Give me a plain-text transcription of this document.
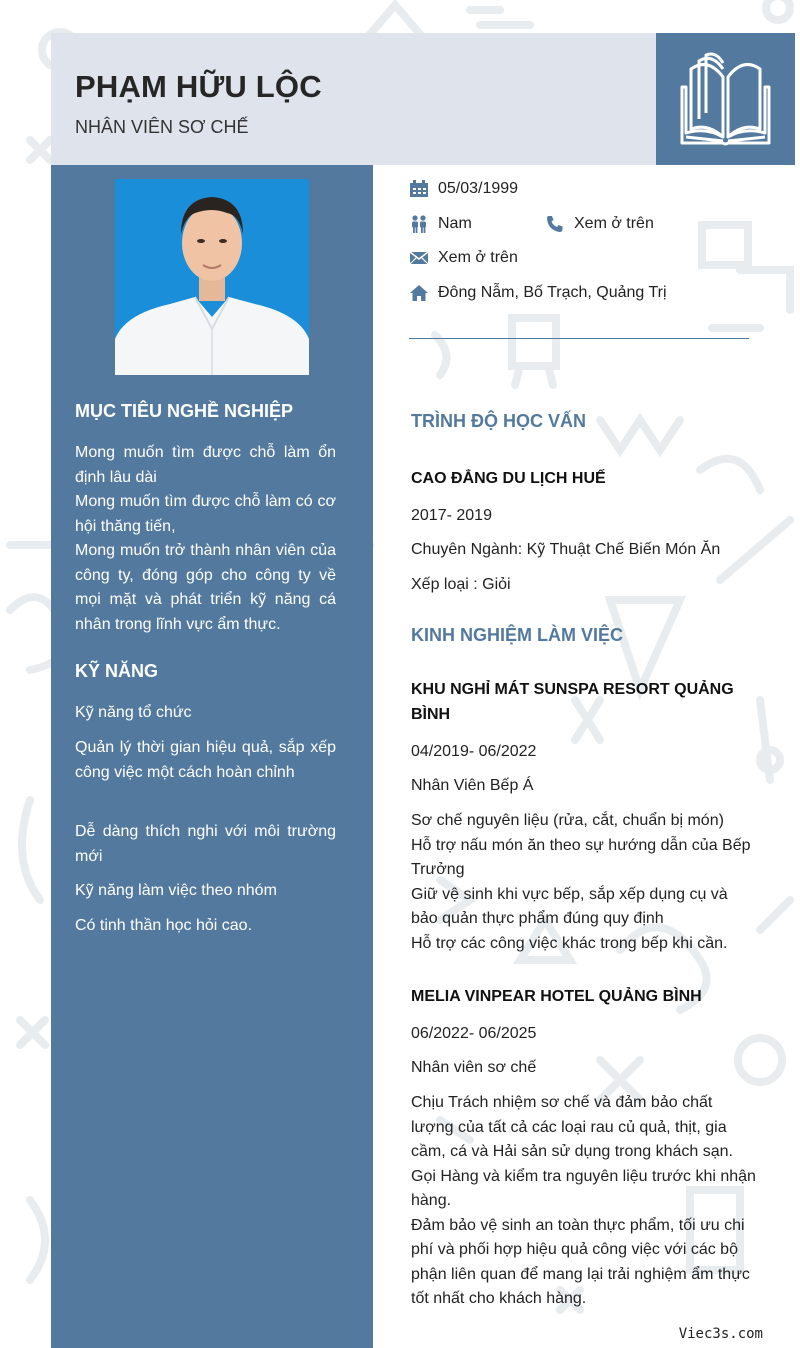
PHẠM HỮU LỘC
NHÂN VIÊN SƠ CHẾ
MỤC TIÊU NGHỀ NGHIỆP
Mong muốn tìm được chỗ làm ổn định lâu dài
Mong muốn tìm được chỗ làm có cơ hội thăng tiến,
Mong muốn trở thành nhân viên của công ty, đóng góp cho công ty về mọi mặt và phát triển kỹ năng cá nhân trong lĩnh vực ẩm thực.
KỸ NĂNG
Kỹ năng tổ chức
Quản lý thời gian hiệu quả, sắp xếp công việc một cách hoàn chỉnh
Dễ dàng thích nghi với môi trường mới
Kỹ năng làm việc theo nhóm
Có tinh thần học hỏi cao.
05/03/1999
Nam	Xem ở trên
Xem ở trên
Đông Nẫm, Bố Trạch, Quảng Trị
TRÌNH ĐỘ HỌC VẤN
CAO ĐẲNG DU LỊCH HUẾ
2017- 2019
Chuyên Ngành: Kỹ Thuật Chế Biến Món Ăn
Xếp loại : Giỏi
KINH NGHIỆM LÀM VIỆC
KHU NGHỈ MÁT SUNSPA RESORT QUẢNG BÌNH
04/2019- 06/2022
Nhân Viên Bếp Á
Sơ chế nguyên liệu (rửa, cắt, chuẩn bị món)
Hỗ trợ nấu món ăn theo sự hướng dẫn của Bếp Trưởng
Giữ vệ sinh khi vực bếp, sắp xếp dụng cụ và bảo quản thực phẩm đúng quy định
Hỗ trợ các công việc khác trong bếp khi cần.
MELIA VINPEAR HOTEL QUẢNG BÌNH
06/2022- 06/2025
Nhân viên sơ chế
Chịu Trách nhiệm sơ chế và đảm bảo chất lượng của tất cả các loại rau củ quả, thịt, gia cầm, cá và Hải sản sử dụng trong khách sạn.
Gọi Hàng và kiểm tra nguyên liệu trước khi nhận hàng.
Đảm bảo vệ sinh an toàn thực phẩm, tối ưu chi phí và phối hợp hiệu quả công việc với các bộ phận liên quan để mang lại trải nghiệm ẩm thực tốt nhất cho khách hàng.
Viec3s.com
